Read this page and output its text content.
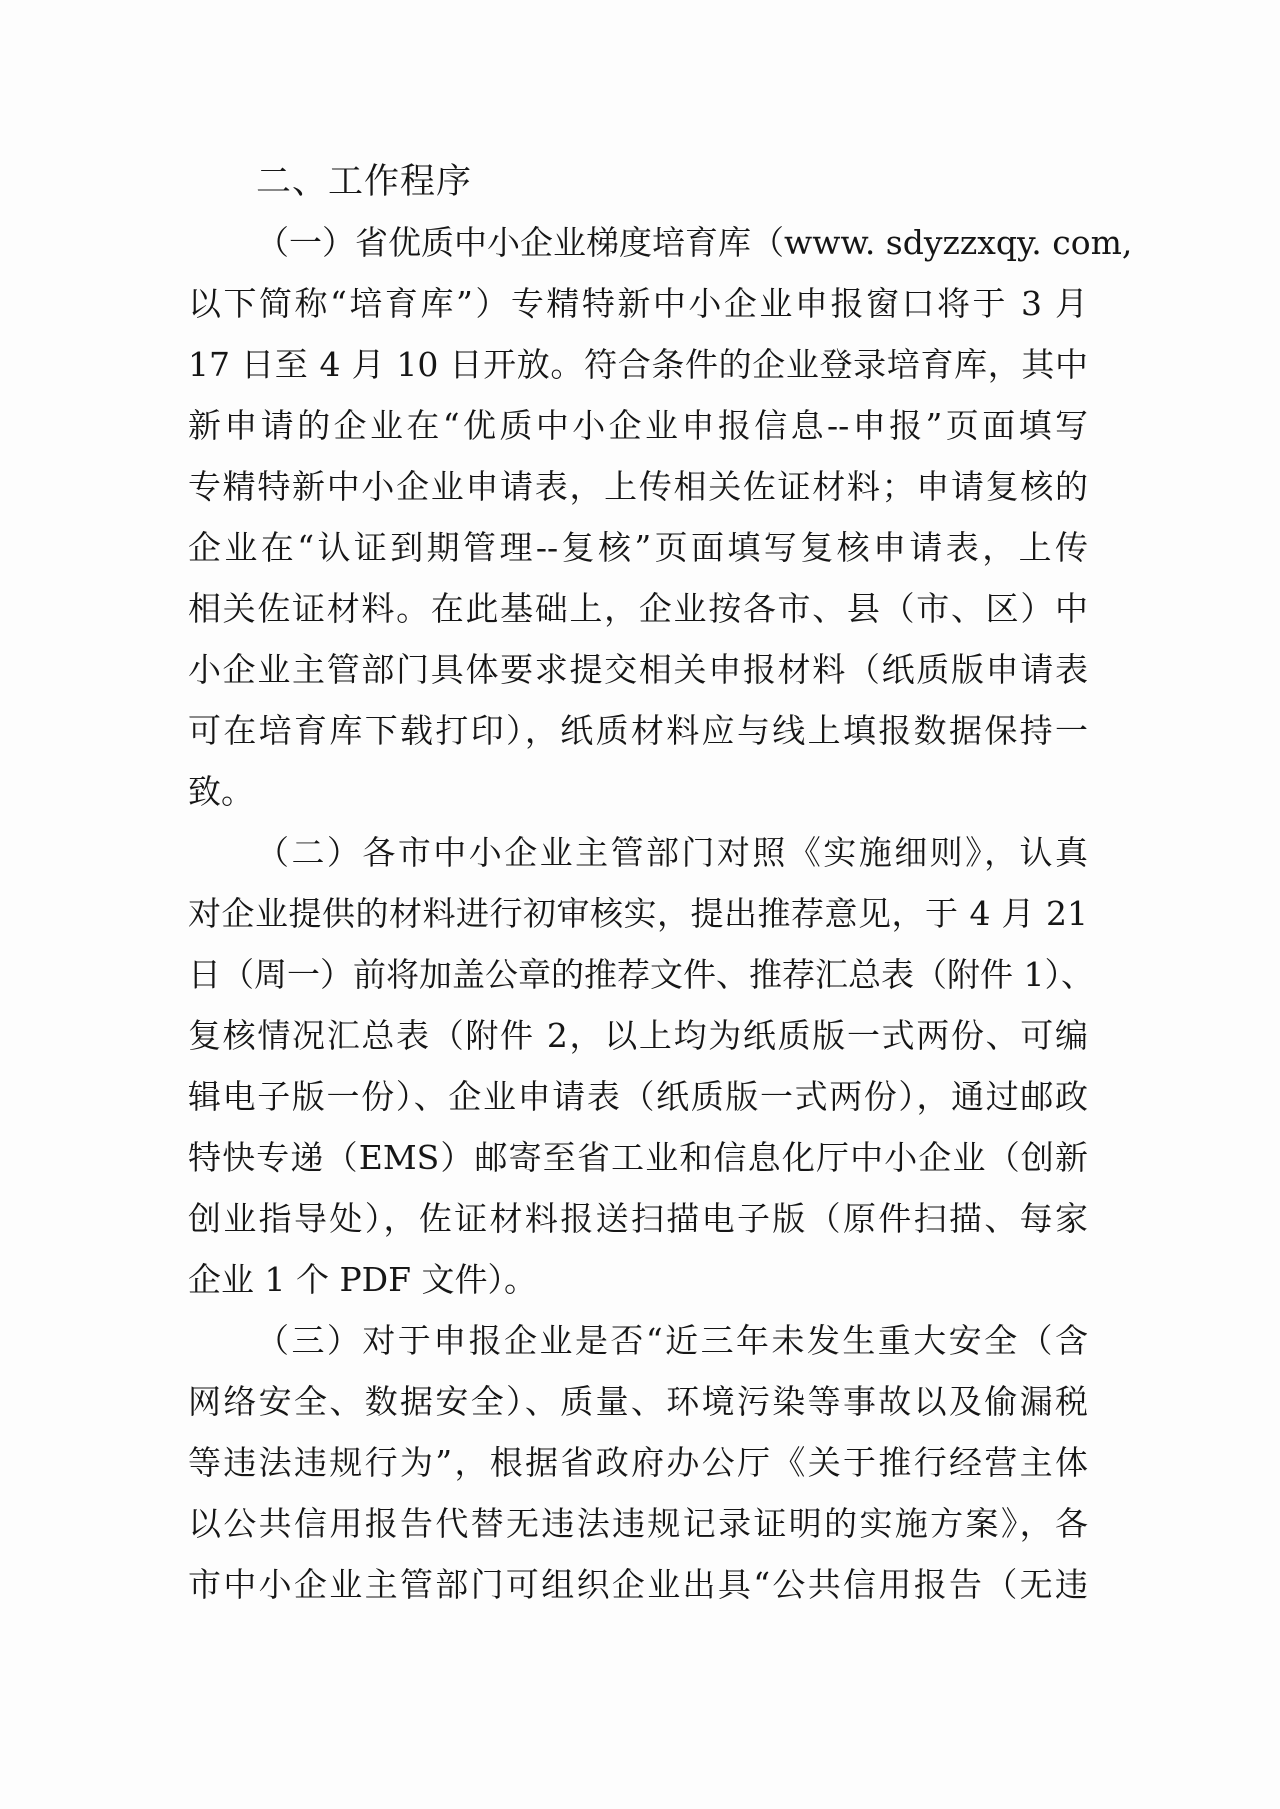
二、工作程序
（一）省优质中小企业梯度培育库（www. sdyzzxqy. com,
以下简称“培育库”）专精特新中小企业申报窗口将于 3 月
17 日至 4 月 10 日开放。符合条件的企业登录培育库，其中
新申请的企业在“优质中小企业申报信息--申报”页面填写
专精特新中小企业申请表，上传相关佐证材料；申请复核的
企业在“认证到期管理--复核”页面填写复核申请表，上传
相关佐证材料。在此基础上，企业按各市、县（市、区）中
小企业主管部门具体要求提交相关申报材料（纸质版申请表
可在培育库下载打印），纸质材料应与线上填报数据保持一
致。
（二）各市中小企业主管部门对照《实施细则》，认真
对企业提供的材料进行初审核实，提出推荐意见，于 4 月 21
日（周一）前将加盖公章的推荐文件、推荐汇总表（附件 1）、
复核情况汇总表（附件 2，以上均为纸质版一式两份、可编
辑电子版一份）、企业申请表（纸质版一式两份），通过邮政
特快专递（EMS）邮寄至省工业和信息化厅中小企业（创新
创业指导处），佐证材料报送扫描电子版（原件扫描、每家
企业 1 个 PDF 文件）。
（三）对于申报企业是否“近三年未发生重大安全（含
网络安全、数据安全）、质量、环境污染等事故以及偷漏税
等违法违规行为”，根据省政府办公厅《关于推行经营主体
以公共信用报告代替无违法违规记录证明的实施方案》，各
市中小企业主管部门可组织企业出具“公共信用报告（无违
